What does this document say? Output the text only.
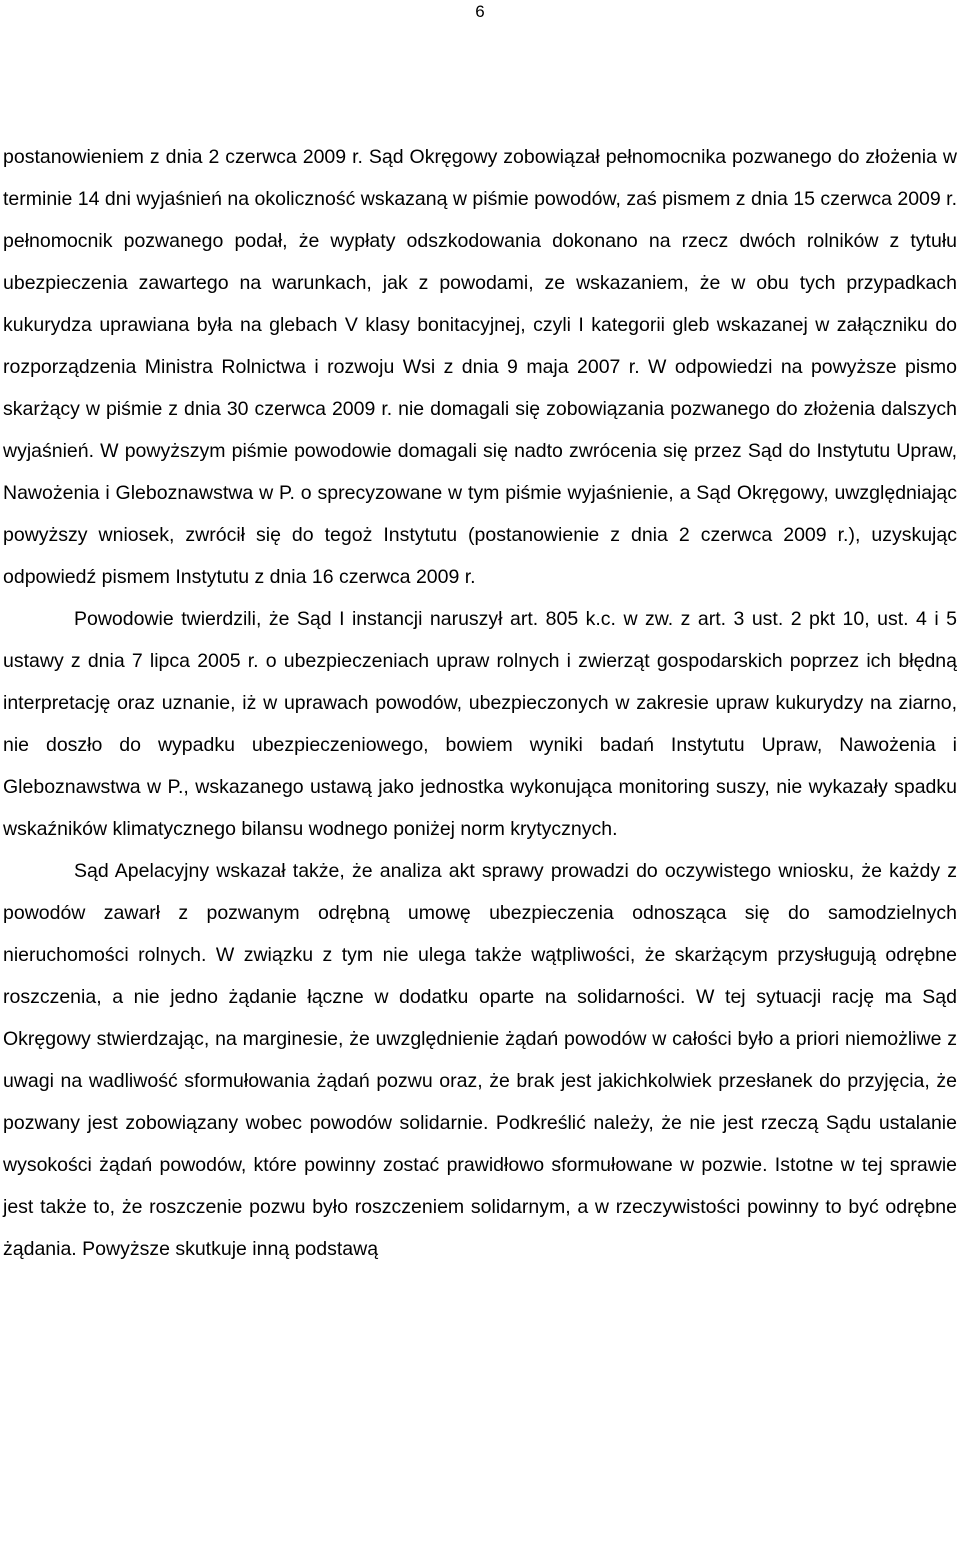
6

postanowieniem z dnia 2 czerwca 2009 r. Sąd Okręgowy zobowiązał pełnomocnika pozwanego do złożenia w terminie 14 dni wyjaśnień na okoliczność wskazaną w piśmie powodów, zaś pismem z dnia 15 czerwca 2009 r. pełnomocnik pozwanego podał, że wypłaty odszkodowania dokonano na rzecz dwóch rolników z tytułu ubezpieczenia zawartego na warunkach, jak z powodami, ze wskazaniem, że w obu tych przypadkach kukurydza uprawiana była na glebach V klasy bonitacyjnej, czyli I kategorii gleb wskazanej w załączniku do rozporządzenia Ministra Rolnictwa i rozwoju Wsi z dnia 9 maja 2007 r. W odpowiedzi na powyższe pismo skarżący w piśmie z dnia 30 czerwca 2009 r. nie domagali się zobowiązania pozwanego do złożenia dalszych wyjaśnień. W powyższym piśmie powodowie domagali się nadto zwrócenia się przez Sąd do Instytutu Upraw, Nawożenia i Gleboznawstwa w P. o sprecyzowane w tym piśmie wyjaśnienie, a Sąd Okręgowy, uwzględniając powyższy wniosek, zwrócił się do tegoż Instytutu (postanowienie z dnia 2 czerwca 2009 r.), uzyskując odpowiedź pismem Instytutu z dnia 16 czerwca 2009 r.

Powodowie twierdzili, że Sąd I instancji naruszył art. 805 k.c. w zw. z art. 3 ust. 2 pkt 10, ust. 4 i 5 ustawy z dnia 7 lipca 2005 r. o ubezpieczeniach upraw rolnych i zwierząt gospodarskich poprzez ich błędną interpretację oraz uznanie, iż w uprawach powodów, ubezpieczonych w zakresie upraw kukurydzy na ziarno, nie doszło do wypadku ubezpieczeniowego, bowiem wyniki badań Instytutu Upraw, Nawożenia i Gleboznawstwa w P., wskazanego ustawą jako jednostka wykonująca monitoring suszy, nie wykazały spadku wskaźników klimatycznego bilansu wodnego poniżej norm krytycznych.

Sąd Apelacyjny wskazał także, że analiza akt sprawy prowadzi do oczywistego wniosku, że każdy z powodów zawarł z pozwanym odrębną umowę ubezpieczenia odnosząca się do samodzielnych nieruchomości rolnych. W związku z tym nie ulega także wątpliwości, że skarżącym przysługują odrębne roszczenia, a nie jedno żądanie łączne w dodatku oparte na solidarności. W tej sytuacji rację ma Sąd Okręgowy stwierdzając, na marginesie, że uwzględnienie żądań powodów w całości było a priori niemożliwe z uwagi na wadliwość sformułowania żądań pozwu oraz, że brak jest jakichkolwiek przesłanek do przyjęcia, że pozwany jest zobowiązany wobec powodów solidarnie. Podkreślić należy, że nie jest rzeczą Sądu ustalanie wysokości żądań powodów, które powinny zostać prawidłowo sformułowane w pozwie. Istotne w tej sprawie jest także to, że roszczenie pozwu było roszczeniem solidarnym, a w rzeczywistości powinny to być odrębne żądania. Powyższe skutkuje inną podstawą
